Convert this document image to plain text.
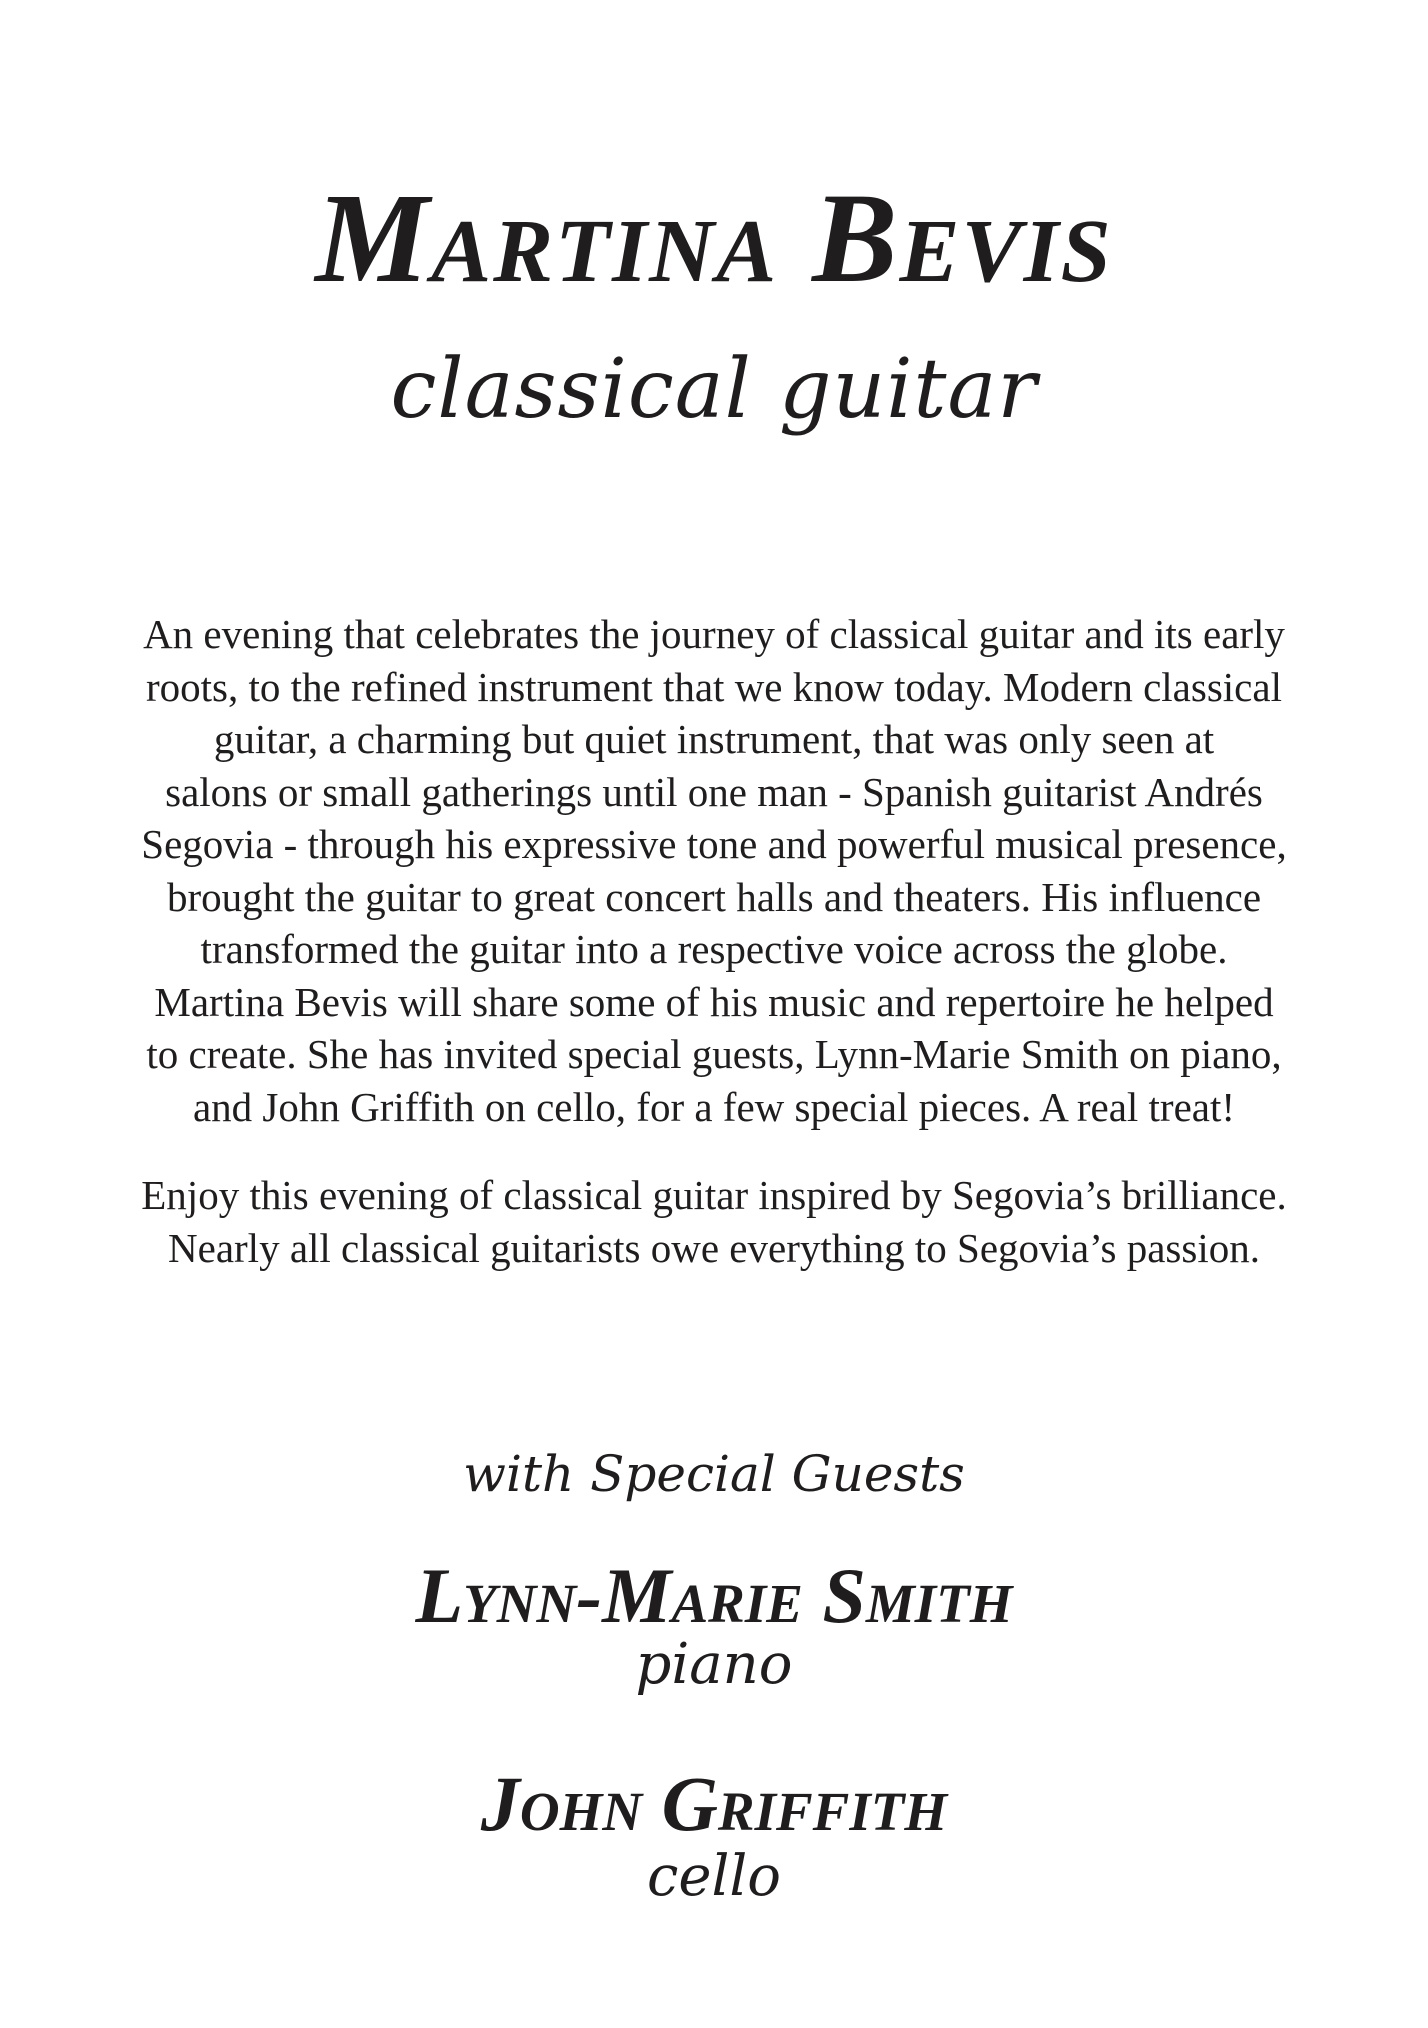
Martina Bevis
classical guitar

An evening that celebrates the journey of classical guitar and its early
roots, to the refined instrument that we know today. Modern classical
guitar, a charming but quiet instrument, that was only seen at
salons or small gatherings until one man - Spanish guitarist Andrés
Segovia - through his expressive tone and powerful musical presence,
brought the guitar to great concert halls and theaters. His influence
transformed the guitar into a respective voice across the globe.
Martina Bevis will share some of his music and repertoire he helped
to create. She has invited special guests, Lynn-Marie Smith on piano,
and John Griffith on cello, for a few special pieces. A real treat!

Enjoy this evening of classical guitar inspired by Segovia’s brilliance.
Nearly all classical guitarists owe everything to Segovia’s passion.

with Special Guests
Lynn-Marie Smith
piano
John Griffith
cello
